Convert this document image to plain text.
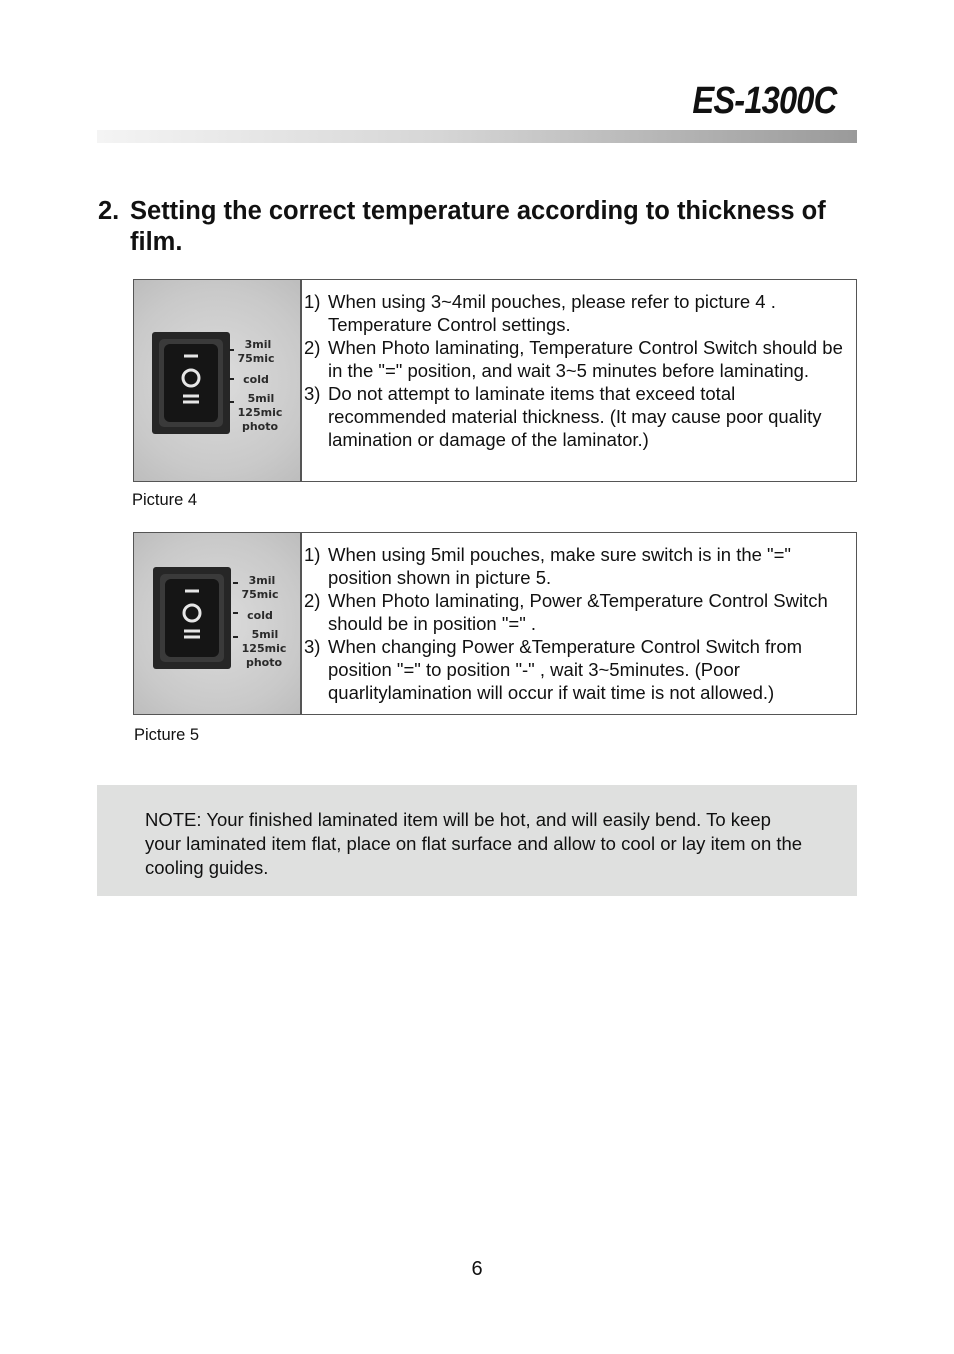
ES-1300C
2. Setting the correct temperature according to thickness of film.
3mil
75mic
cold
5mil
125mic
photo
1) When using 3~4mil pouches, please refer to picture 4 . Temperature Control settings.
2) When Photo laminating, Temperature Control Switch should be in the "=" position, and wait 3~5 minutes before laminating.
3) Do not attempt to laminate items that exceed total recommended material thickness. (It may cause poor quality lamination or damage of the laminator.)
Picture 4
3mil
75mic
cold
5mil
125mic
photo
1) When using 5mil pouches, make sure switch is in the "=" position shown in picture 5.
2) When Photo laminating, Power &Temperature Control Switch should be in position "=" .
3) When changing Power &Temperature Control Switch from position "=" to position "-" , wait 3~5minutes. (Poor quarlitylamination will occur if wait time is not allowed.)
Picture 5

NOTE: Your finished laminated item will be hot, and will easily bend. To keep your laminated item flat, place on flat surface and allow to cool or lay item on the cooling guides.

6
